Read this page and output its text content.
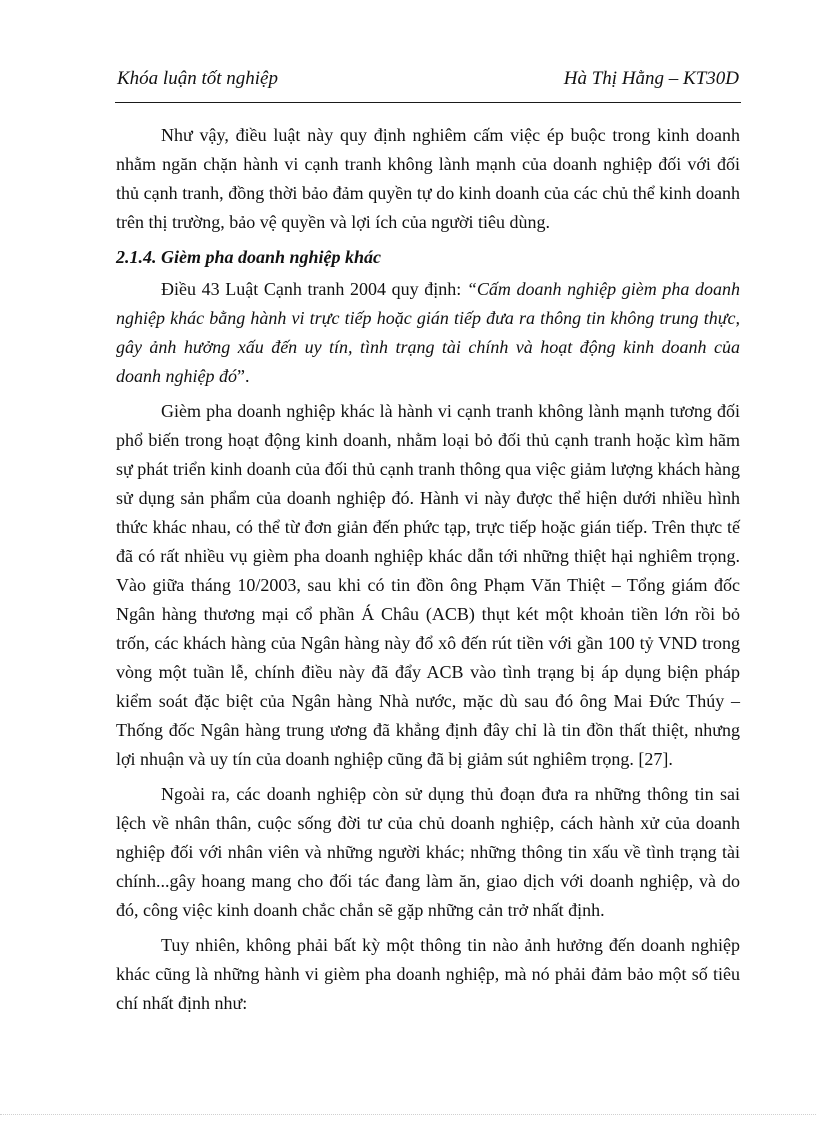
Khóa luận tốt nghiệp	Hà Thị Hằng – KT30D

Như vậy, điều luật này quy định nghiêm cấm việc ép buộc trong kinh doanh nhằm ngăn chặn hành vi cạnh tranh không lành mạnh của doanh nghiệp đối với đối thủ cạnh tranh, đồng thời bảo đảm quyền tự do kinh doanh của các chủ thể kinh doanh trên thị trường, bảo vệ quyền và lợi ích của người tiêu dùng.

2.1.4. Gièm pha doanh nghiệp khác

Điều 43 Luật Cạnh tranh 2004 quy định: “Cấm doanh nghiệp gièm pha doanh nghiệp khác bằng hành vi trực tiếp hoặc gián tiếp đưa ra thông tin không trung thực, gây ảnh hưởng xấu đến uy tín, tình trạng tài chính và hoạt động kinh doanh của doanh nghiệp đó”.

Gièm pha doanh nghiệp khác là hành vi cạnh tranh không lành mạnh tương đối phổ biến trong hoạt động kinh doanh, nhằm loại bỏ đối thủ cạnh tranh hoặc kìm hãm sự phát triển kinh doanh của đối thủ cạnh tranh thông qua việc giảm lượng khách hàng sử dụng sản phẩm của doanh nghiệp đó. Hành vi này được thể hiện dưới nhiều hình thức khác nhau, có thể từ đơn giản đến phức tạp, trực tiếp hoặc gián tiếp. Trên thực tế đã có rất nhiều vụ gièm pha doanh nghiệp khác dẫn tới những thiệt hại nghiêm trọng. Vào giữa tháng 10/2003, sau khi có tin đồn ông Phạm Văn Thiệt – Tổng giám đốc Ngân hàng thương mại cổ phần Á Châu (ACB) thụt két một khoản tiền lớn rồi bỏ trốn, các khách hàng của Ngân hàng này đổ xô đến rút tiền với gần 100 tỷ VND trong vòng một tuần lễ, chính điều này đã đẩy ACB vào tình trạng bị áp dụng biện pháp kiểm soát đặc biệt của Ngân hàng Nhà nước, mặc dù sau đó ông Mai Đức Thúy – Thống đốc Ngân hàng trung ương đã khẳng định đây chỉ là tin đồn thất thiệt, nhưng lợi nhuận và uy tín của doanh nghiệp cũng đã bị giảm sút nghiêm trọng. [27].

Ngoài ra, các doanh nghiệp còn sử dụng thủ đoạn đưa ra những thông tin sai lệch về nhân thân, cuộc sống đời tư của chủ doanh nghiệp, cách hành xử của doanh nghiệp đối với nhân viên và những người khác; những thông tin xấu về tình trạng tài chính...gây hoang mang cho đối tác đang làm ăn, giao dịch với doanh nghiệp, và do đó, công việc kinh doanh chắc chắn sẽ gặp những cản trở nhất định.

Tuy nhiên, không phải bất kỳ một thông tin nào ảnh hưởng đến doanh nghiệp khác cũng là những hành vi gièm pha doanh nghiệp, mà nó phải đảm bảo một số tiêu chí nhất định như:
